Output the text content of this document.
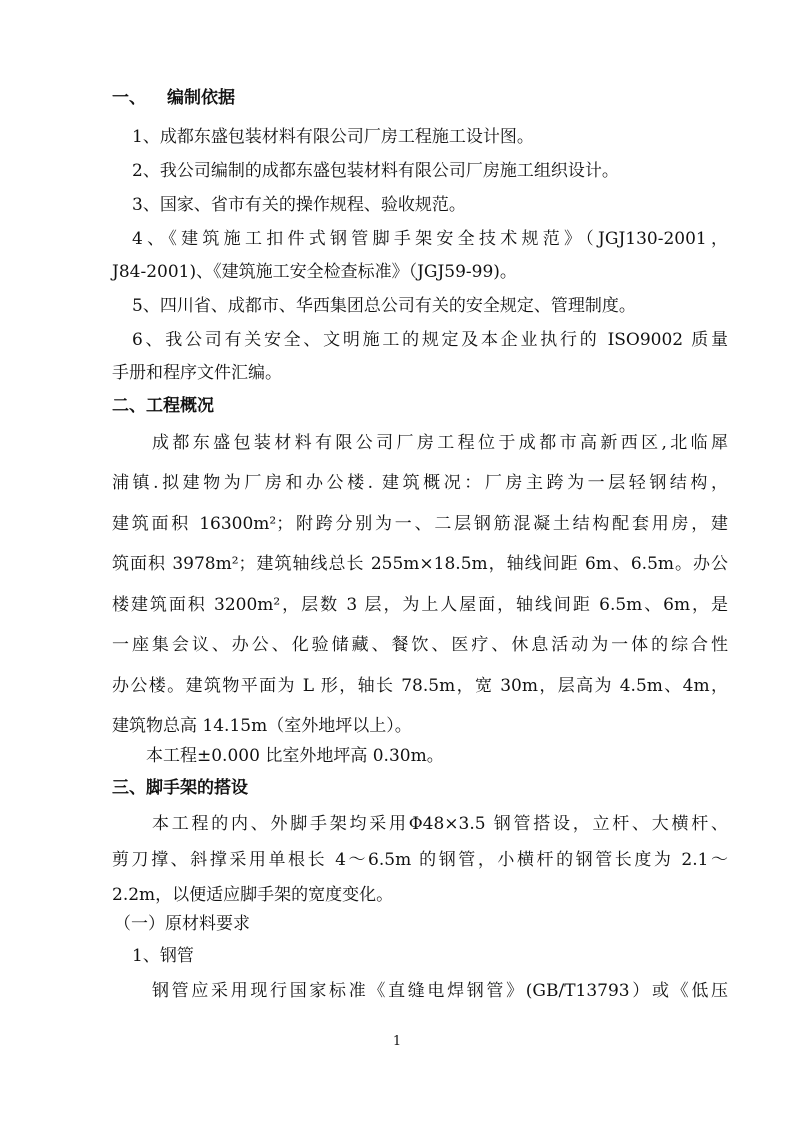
一、 编制依据
1、成都东盛包装材料有限公司厂房工程施工设计图。
2、我公司编制的成都东盛包装材料有限公司厂房施工组织设计。
3、国家、省市有关的操作规程、验收规范。
4、《建筑施工扣件式钢管脚手架安全技术规范》（JGJ130-2001，
J84-2001)、《建筑施工安全检查标准》（JGJ59-99)。
5、四川省、成都市、华西集团总公司有关的安全规定、管理制度。
6、我公司有关安全、文明施工的规定及本企业执行的 ISO9002 质量
手册和程序文件汇编。
二、工程概况
成都东盛包装材料有限公司厂房工程位于成都市高新西区,北临犀
浦镇.拟建物为厂房和办公楼. 建筑概况：厂房主跨为一层轻钢结构，
建筑面积 16300m²；附跨分别为一、二层钢筋混凝土结构配套用房，建
筑面积 3978m²；建筑轴线总长 255m×18.5m，轴线间距 6m、6.5m。办公
楼建筑面积 3200m²，层数 3 层，为上人屋面，轴线间距 6.5m、6m，是
一座集会议、办公、化验储藏、餐饮、医疗、休息活动为一体的综合性
办公楼。建筑物平面为 L 形，轴长 78.5m，宽 30m，层高为 4.5m、4m，
建筑物总高 14.15m（室外地坪以上）。
本工程±0.000 比室外地坪高 0.30m。
三、脚手架的搭设
本工程的内、外脚手架均采用Φ48×3.5 钢管搭设，立杆、大横杆、
剪刀撑、斜撑采用单根长 4～6.5m 的钢管，小横杆的钢管长度为 2.1～
2.2m，以便适应脚手架的宽度变化。
（一）原材料要求
1、钢管
钢管应采用现行国家标准《直缝电焊钢管》(GB/T13793）或《低压
1
